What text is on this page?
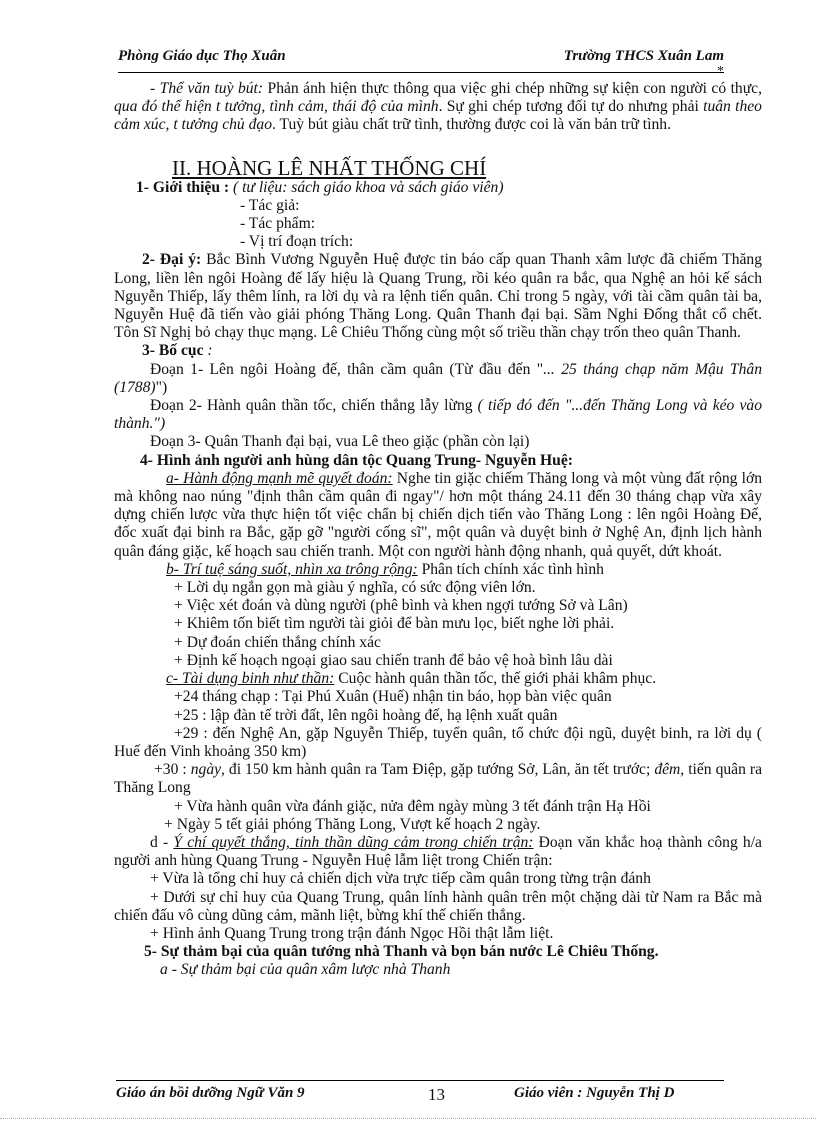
Phòng Giáo dục Thọ Xuân	Trường THCS Xuân Lam
*

- Thể văn tuỳ bút: Phản ánh hiện thực thông qua việc ghi chép những sự kiện con người có thực, qua đó thể hiện t tưởng, tình cảm, thái độ của mình. Sự ghi chép tương đối tự do nhưng phải tuân theo cảm xúc, t tưởng chủ đạo. Tuỳ bút giàu chất trữ tình, thường được coi là văn bản trữ tình.

II. HOÀNG LÊ NHẤT THỐNG CHÍ

1- Giới thiệu : ( tư liệu: sách giáo khoa và sách giáo viên)

- Tác giả:

- Tác phẩm:

- Vị trí đoạn trích:

2- Đại ý: Bắc Bình Vương Nguyễn Huệ được tin báo cấp quan Thanh xâm lược đã chiếm Thăng Long, liền lên ngôi Hoàng đế lấy hiệu là Quang Trung, rồi kéo quân ra bắc, qua Nghệ an hỏi kế sách Nguyễn Thiếp, lấy thêm lính, ra lời dụ và ra lệnh tiến quân. Chỉ trong 5 ngày, với tài cầm quân tài ba, Nguyễn Huệ đã tiến vào giải phóng Thăng Long. Quân Thanh đại bại. Sầm Nghi Đống thắt cổ chết. Tôn Sĩ Nghị bỏ chạy thục mạng. Lê Chiêu Thống cùng một số triều thần chạy trốn theo quân Thanh.

3- Bố cục :

Đoạn 1- Lên ngôi Hoàng đế, thân cầm quân (Từ đầu đến "... 25 tháng chạp năm Mậu Thân (1788)")

Đoạn 2- Hành quân thần tốc, chiến thắng lẫy lừng ( tiếp đó đến "...đến Thăng Long và kéo vào thành.")

Đoạn 3- Quân Thanh đại bại, vua Lê theo giặc (phần còn lại)

4- Hình ảnh người anh hùng dân tộc Quang Trung- Nguyễn Huệ:

a- Hành động mạnh mẽ quyết đoán: Nghe tin giặc chiếm Thăng long và một vùng đất rộng lớn mà không nao núng "định thân cầm quân đi ngay"/ hơn một tháng 24.11 đến 30 tháng chạp vừa xây dựng chiến lược vừa thực hiện tốt việc chẩn bị chiến dịch tiến vào Thăng Long : lên ngôi Hoàng Đế, đốc xuất đại binh ra Bắc, gặp gỡ "người cống sĩ", một quân và duyệt binh ở Nghệ An, định lịch hành quân đáng giặc, kế hoạch sau chiến tranh. Một con người hành động nhanh, quả quyết, dứt khoát.

b- Trí tuệ sáng suốt, nhìn xa trông rộng: Phân tích chính xác tình hình

+ Lời dụ ngắn gọn mà giàu ý nghĩa, có sức động viên lớn.

+ Việc xét đoán và dùng người (phê bình và khen ngợi tướng Sở và Lân)

+ Khiêm tốn biết tìm người tài giỏi để bàn mưu lọc, biết nghe lời phải.

+ Dự đoán chiến thắng chính xác

+ Định kế hoạch ngoại giao sau chiến tranh để bảo vệ hoà bình lâu dài

c- Tài dụng binh như thần: Cuộc hành quân thần tốc, thế giới phải khâm phục.

+24 tháng chạp : Tại Phú Xuân (Huế) nhận tin báo, họp bàn việc quân

+25 : lập đàn tế trời đất, lên ngôi hoàng đế, hạ lệnh xuất quân

+29 : đến Nghệ An, gặp Nguyễn Thiếp, tuyển quân, tổ chức đội ngũ, duyệt binh, ra lời dụ ( Huế đến Vinh khoảng 350 km)

+30 : ngày, đi 150 km hành quân ra Tam Điệp, gặp tướng Sở, Lân, ăn tết trước; đêm, tiến quân ra Thăng Long

+ Vừa hành quân vừa đánh giặc, nửa đêm ngày mùng 3 tết đánh trận Hạ Hồi

+ Ngày 5 tết giải phóng Thăng Long, Vượt kế hoạch 2 ngày.

d - Ý chí quyết thắng, tinh thần dũng cảm trong chiến trận: Đoạn văn khắc hoạ thành công h/a người anh hùng Quang Trung - Nguyễn Huệ lẫm liệt trong Chiến trận:

+ Vừa là tổng chỉ huy cả chiến dịch vừa trực tiếp cầm quân trong từng trận đánh

+ Dưới sự chỉ huy của Quang Trung, quân lính hành quân trên một chặng dài từ Nam ra Bắc mà chiến đấu vô cùng dũng cảm, mãnh liệt, bừng khí thế chiến thắng.

+ Hình ảnh Quang Trung trong trận đánh Ngọc Hồi thật lẫm liệt.

5- Sự thảm bại của quân tướng nhà Thanh và bọn bán nước Lê Chiêu Thống.

a - Sự thảm bại của quân xâm lược nhà Thanh

Giáo án bồi dưỡng Ngữ Văn 9	13	Giáo viên : Nguyễn Thị D
